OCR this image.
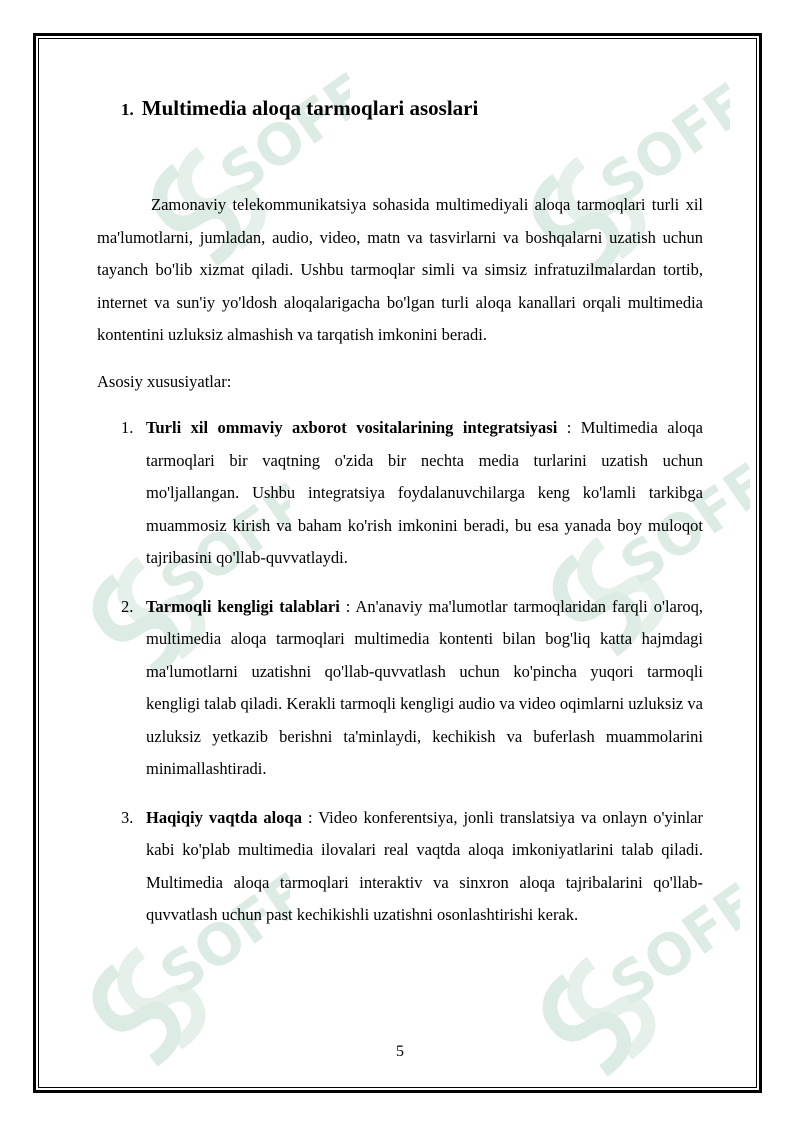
SOFF	SOFF
SOFF	SOFF
SOFF	SOFF
1. Multimedia aloqa tarmoqlari asoslari

Zamonaviy telekommunikatsiya sohasida multimediyali aloqa tarmoqlari turli xil ma'lumotlarni, jumladan, audio, video, matn va tasvirlarni va boshqalarni uzatish uchun tayanch bo'lib xizmat qiladi. Ushbu tarmoqlar simli va simsiz infratuzilmalardan tortib, internet va sun'iy yo'ldosh aloqalarigacha bo'lgan turli aloqa kanallari orqali multimedia kontentini uzluksiz almashish va tarqatish imkonini beradi.

Asosiy xususiyatlar:

1. Turli xil ommaviy axborot vositalarining integratsiyasi : Multimedia aloqa tarmoqlari bir vaqtning o'zida bir nechta media turlarini uzatish uchun mo'ljallangan. Ushbu integratsiya foydalanuvchilarga keng ko'lamli tarkibga muammosiz kirish va baham ko'rish imkonini beradi, bu esa yanada boy muloqot tajribasini qo'llab-quvvatlaydi.
2. Tarmoqli kengligi talablari : An'anaviy ma'lumotlar tarmoqlaridan farqli o'laroq, multimedia aloqa tarmoqlari multimedia kontenti bilan bog'liq katta hajmdagi ma'lumotlarni uzatishni qo'llab-quvvatlash uchun ko'pincha yuqori tarmoqli kengligi talab qiladi. Kerakli tarmoqli kengligi audio va video oqimlarni uzluksiz va uzluksiz yetkazib berishni ta'minlaydi, kechikish va buferlash muammolarini minimallashtiradi.
3. Haqiqiy vaqtda aloqa : Video konferentsiya, jonli translatsiya va onlayn o'yinlar kabi ko'plab multimedia ilovalari real vaqtda aloqa imkoniyatlarini talab qiladi. Multimedia aloqa tarmoqlari interaktiv va sinxron aloqa tajribalarini qo'llab-quvvatlash uchun past kechikishli uzatishni osonlashtirishi kerak.
5
